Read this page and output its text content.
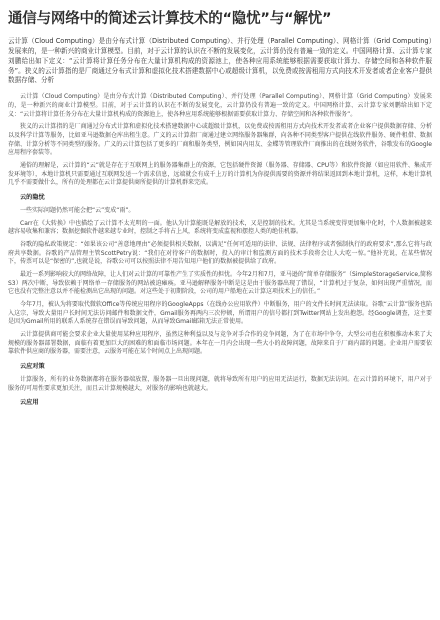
通信与网络中的简述云计算技术的“隐忧”与“解忧”

云计算（Cloud Computing）是由分布式计算（Distributed Computing）、并行处理（Parallel Computing）、网格计算（Grid Computing）发展来的，是一种新兴的商业计算模型。目前，对于云计算的认识在不断的发展变化，云计算仍没有普遍一致的定义。中国网格计算、云计算专家刘鹏给出如下定义：“云计算将计算任务分布在大量计算机构成的资源池上，使各种应用系统能够根据需要获取计算力、存储空间和各种软件服务”。狭义的云计算指的是厂商通过分布式计算和虚拟化技术搭建数据中心或超级计算机，以免费或按需租用方式向技术开发者或者企业客户提供数据存储、分析

云计算（Cloud Computing）是由分布式计算（Distributed Computing）、并行处理（Parallel Computing）、网格计算（Grid Computing）发展来的，是一种新兴的商业计算模型。目前，对于云计算的认识在不断的发展变化，云计算仍没有普遍一致的定义。中国网格计算、云计算专家刘鹏给出如下定义：“云计算将计算任务分布在大量计算机构成的资源池上，使各种应用系统能够根据需要获取计算力、存储空间和各种软件服务”。

狭义的云计算指的是厂商通过分布式计算和虚拟化技术搭建数据中心或超级计算机，以免费或按需租用方式向技术开发者或者企业客户提供数据存储、分析以及科学计算等服务，比如亚马逊数据仓库出租生意。广义的云计算指厂商通过建立网络服务器集群，向各种不同类型客户提供在线软件服务、硬件租借、数据存储、计算分析等不同类型的服务。广义的云计算包括了更多的厂商和服务类型，例如国内用友、金蝶等管理软件厂商推出的在线财务软件，谷歌发布的Google应用程序套装等。

通俗的理解是，云计算的“云”就是存在于互联网上的服务器集群上的资源，它包括硬件资源（服务器、存储器、CPU等）和软件资源（如应用软件、集成开发环境等），本地计算机只需要通过互联网发送一个需求信息，远端就会有成千上万的计算机为你提供需要的资源并将结果返回到本地计算机，这样，本地计算机几乎不需要做什么，所有的处理都在云计算提供商所提供的计算机群来完成。

云的隐忧

一些实际问题仍然可能会把“云”变成“雨”。

Carr在《大转换》中也描绘了云计算不太光明的一面。他认为计算能既是解放的技术，又是控制的技术。尤其是当系统变得更加集中化时，个人数据被越来越容易收集和兼容；数据挖掘软件越来越专业时，控制之手将占上风，系统将变成监视和摆控人类的绝佳机器。

谷歌的隐私政策规定：“如果该公司“善意地理由”必须提供相关数据，以满足”任何可适用的法律、法规、法律程序或者强制执行的政府要求”,那么它将与政府共享数据。谷歌的产品管理主管ScottPetry说：“我们在对待客户的数据时，投入的审计和监测方面的技术手段将会让人大吃一惊。”他补充说，在某些情况下，传票可以是“保密的”,也就是说，谷歌公司可以按照法律不用告知用户他们的数据被提供给了政府。

最近一系列影响较大的网络故障，让人们对云计算的可靠性产生了实质性的担忧。今年2月和7月，亚马逊的“简单存储服务”（SimpleStorageService,简称S3）两次中断，导致依赖于网络单一存储服务的网站被迫瘫痪。亚马逊解释服务中断是这是由于服务器出现了错误，“计算机过于复杂，如何出现严重情况，而它也没有完整注意以并不能检测出它出现的问题。对这些处于初期阶段，公司的用户船地在云计算这项技术上的信任。”

今年7月，被认为将要取代微软Office等传统应用程序的GoogleApps（在线办公应用软件）中断服务，用户的文件长时间无法读取。谷歌“云计算”服务也陷入这宗，导致大量用户长时间无法访问邮件和数据文件，Gmail服务再两内三次停顿，所谓用户的信号都打到Twitter网站上发出抱怨。经Google调查，这主要是因为Gmail所用的联系人系统存在错误而导致问题，从而导致Gmail邮箱无法正常使用。

云计算提供商可能会要求企业大量使用某种应用程序，虽然这种利益以及与竞争对手合作的竞争问题，为了在市场中争夺，大型公司也在积极推动本来了大规模的服务器部署数据，面临有着更加巨大的困难的和面临市场问题。本年在一月内会出现一些大小的故障问题，故障来自于厂商内部的问题。企业用户需要依靠软件供应商的服务器，需要注意，云服务可能在某个时间点上出现问题。

云应对策

计算服务，所有的业务数据都将在服务器端放置，服务器一旦出现问题，就将导致所有用户的应用无法运行，数据无法访问。在云计算的环境下，用户对于服务的可用性要求更加关注，而且云计算规模越大，对服务的影响也就越大。

云应用
